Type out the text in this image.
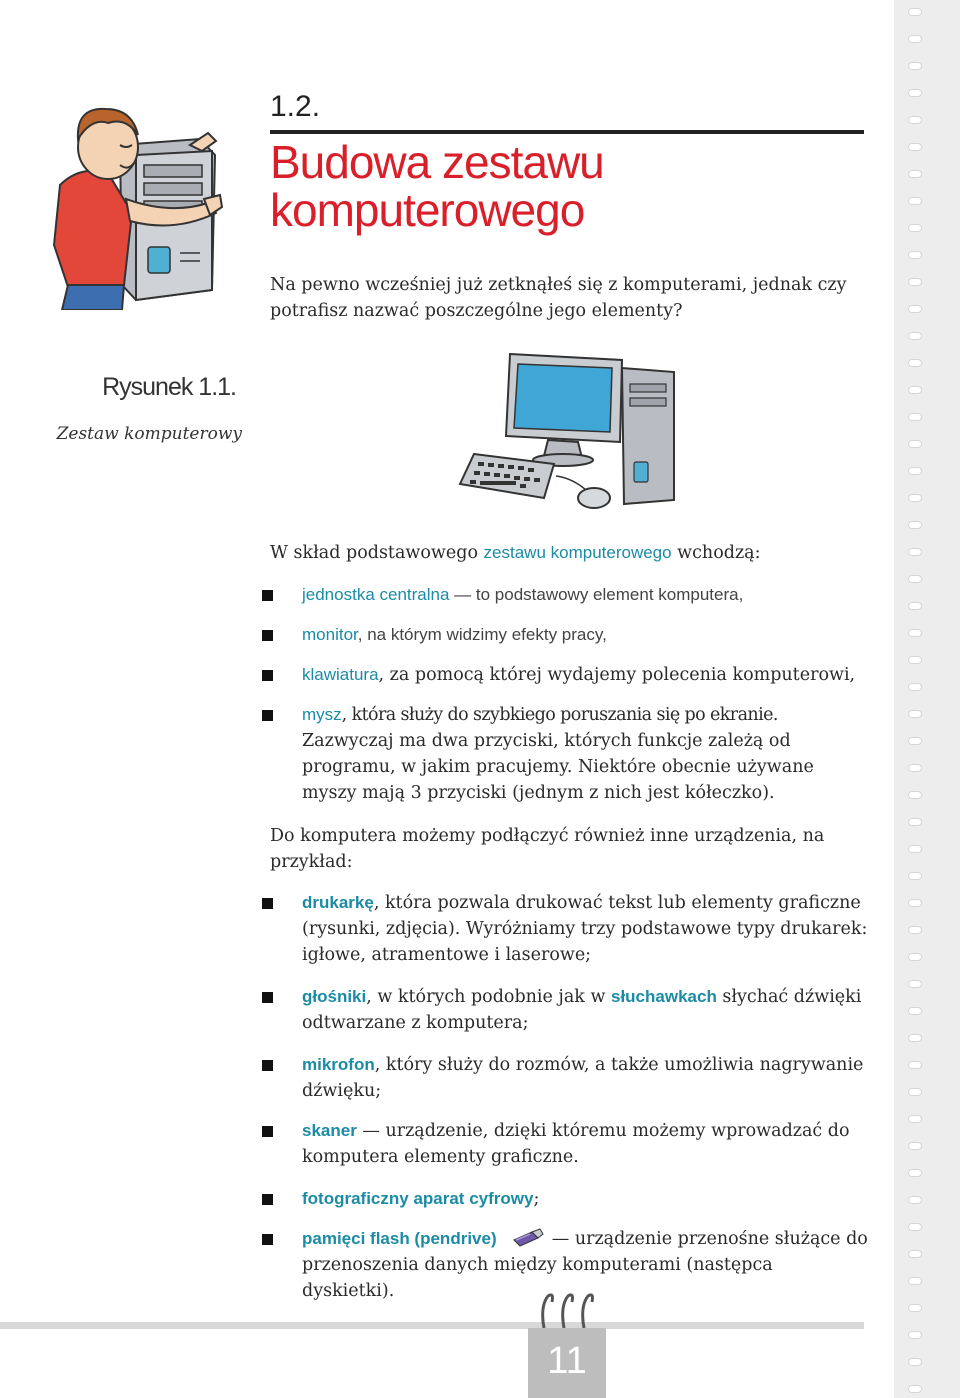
1.2.
Budowa zestawu
komputerowego
Na pewno wcześniej już zetknąłeś się z komputerami, jednak czy potrafisz nazwać poszczególne jego elementy?
Rysunek 1.1.
Zestaw komputerowy
W skład podstawowego zestawu komputerowego wchodzą:
jednostka centralna — to podstawowy element komputera,
monitor, na którym widzimy efekty pracy,
klawiatura, za pomocą której wydajemy polecenia komputerowi,
mysz, która służy do szybkiego poruszania się po ekranie. Zazwyczaj ma dwa przyciski, których funkcje zależą od programu, w jakim pracujemy. Niektóre obecnie używane myszy mają 3 przyciski (jednym z nich jest kółeczko).
Do komputera możemy podłączyć również inne urządzenia, na przykład:
drukarkę, która pozwala drukować tekst lub elementy graficzne (rysunki, zdjęcia). Wyróżniamy trzy podstawowe typy drukarek: igłowe, atramentowe i laserowe;
głośniki, w których podobnie jak w słuchawkach słychać dźwięki odtwarzane z komputera;
mikrofon, który służy do rozmów, a także umożliwia nagrywanie dźwięku;
skaner — urządzenie, dzięki któremu możemy wprowadzać do komputera elementy graficzne.
fotograficzny aparat cyfrowy;
pamięci flash (pendrive)	— urządzenie przenośne służące do przenoszenia danych między komputerami (następca dyskietki).
11
